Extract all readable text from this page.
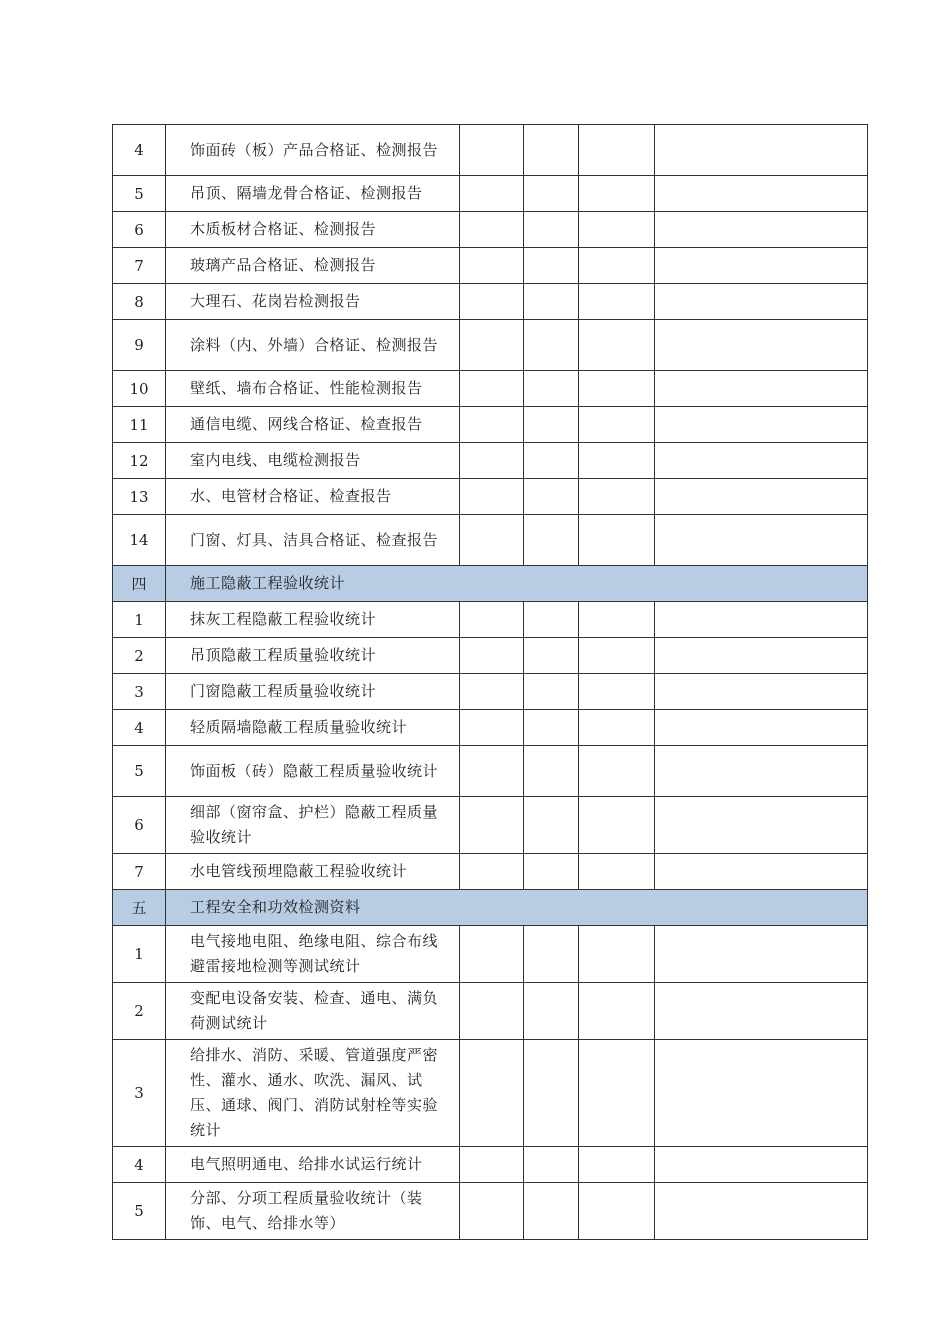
4	饰面砖（板）产品合格证、检测报告				
5	吊顶、隔墙龙骨合格证、检测报告				
6	木质板材合格证、检测报告				
7	玻璃产品合格证、检测报告				
8	大理石、花岗岩检测报告				
9	涂料（内、外墙）合格证、检测报告				
10	壁纸、墙布合格证、性能检测报告				
11	通信电缆、网线合格证、检查报告				
12	室内电线、电缆检测报告				
13	水、电管材合格证、检查报告				
14	门窗、灯具、洁具合格证、检查报告				
四	施工隐蔽工程验收统计				
1	抹灰工程隐蔽工程验收统计				
2	吊顶隐蔽工程质量验收统计				
3	门窗隐蔽工程质量验收统计				
4	轻质隔墙隐蔽工程质量验收统计				
5	饰面板（砖）隐蔽工程质量验收统计				
6	细部（窗帘盒、护栏）隐蔽工程质量验收统计				
7	水电管线预埋隐蔽工程验收统计				
五	工程安全和功效检测资料				
1	电气接地电阻、绝缘电阻、综合布线避雷接地检测等测试统计				
2	变配电设备安装、检查、通电、满负荷测试统计				
3	给排水、消防、采暖、管道强度严密性、灌水、通水、吹洗、漏风、试压、通球、阀门、消防试射栓等实验统计				
4	电气照明通电、给排水试运行统计				
5	分部、分项工程质量验收统计（装饰、电气、给排水等）				
